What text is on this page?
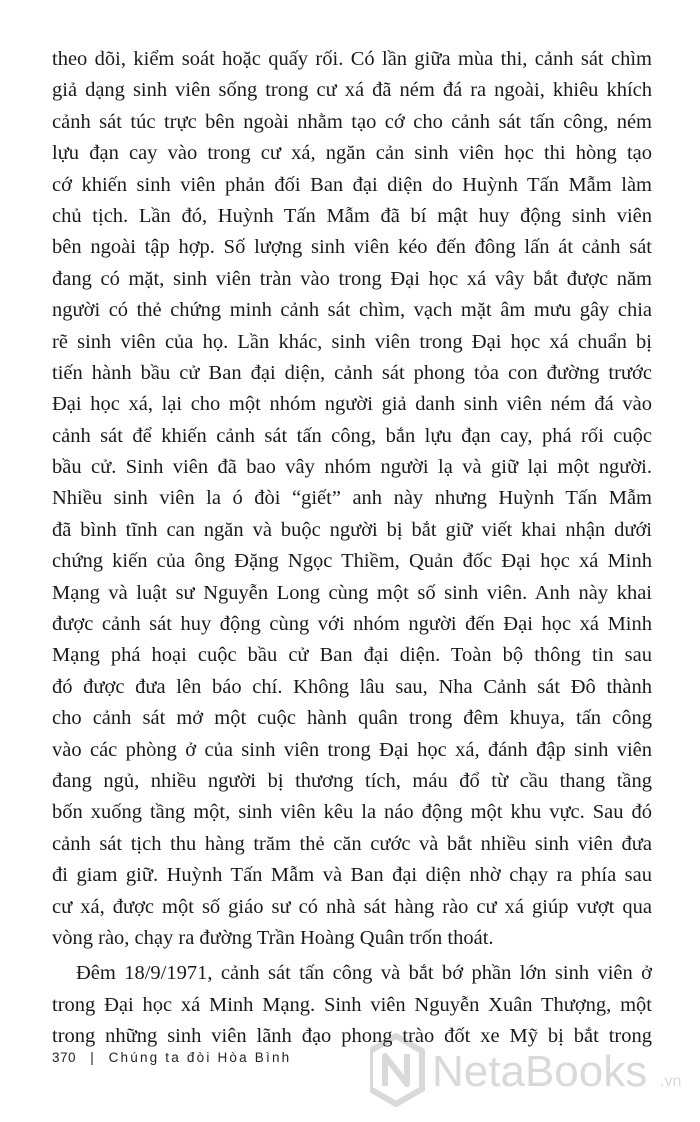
theo dõi, kiểm soát hoặc quấy rối. Có lần giữa mùa thi, cảnh sát chìm
giả dạng sinh viên sống trong cư xá đã ném đá ra ngoài, khiêu khích
cảnh sát túc trực bên ngoài nhằm tạo cớ cho cảnh sát tấn công, ném
lựu đạn cay vào trong cư xá, ngăn cản sinh viên học thi hòng tạo
cớ khiến sinh viên phản đối Ban đại diện do Huỳnh Tấn Mẫm làm
chủ tịch. Lần đó, Huỳnh Tấn Mẫm đã bí mật huy động sinh viên
bên ngoài tập hợp. Số lượng sinh viên kéo đến đông lấn át cảnh sát
đang có mặt, sinh viên tràn vào trong Đại học xá vây bắt được năm
người có thẻ chứng minh cảnh sát chìm, vạch mặt âm mưu gây chia
rẽ sinh viên của họ. Lần khác, sinh viên trong Đại học xá chuẩn bị
tiến hành bầu cử Ban đại diện, cảnh sát phong tỏa con đường trước
Đại học xá, lại cho một nhóm người giả danh sinh viên ném đá vào
cảnh sát để khiến cảnh sát tấn công, bắn lựu đạn cay, phá rối cuộc
bầu cử. Sinh viên đã bao vây nhóm người lạ và giữ lại một người.
Nhiều sinh viên la ó đòi “giết” anh này nhưng Huỳnh Tấn Mẫm
đã bình tĩnh can ngăn và buộc người bị bắt giữ viết khai nhận dưới
chứng kiến của ông Đặng Ngọc Thiềm, Quản đốc Đại học xá Minh
Mạng và luật sư Nguyễn Long cùng một số sinh viên. Anh này khai
được cảnh sát huy động cùng với nhóm người đến Đại học xá Minh
Mạng phá hoại cuộc bầu cử Ban đại diện. Toàn bộ thông tin sau
đó được đưa lên báo chí. Không lâu sau, Nha Cảnh sát Đô thành
cho cảnh sát mở một cuộc hành quân trong đêm khuya, tấn công
vào các phòng ở của sinh viên trong Đại học xá, đánh đập sinh viên
đang ngủ, nhiều người bị thương tích, máu đổ từ cầu thang tầng
bốn xuống tầng một, sinh viên kêu la náo động một khu vực. Sau đó
cảnh sát tịch thu hàng trăm thẻ căn cước và bắt nhiều sinh viên đưa
đi giam giữ. Huỳnh Tấn Mẫm và Ban đại diện nhờ chạy ra phía sau
cư xá, được một số giáo sư có nhà sát hàng rào cư xá giúp vượt qua
vòng rào, chạy ra đường Trần Hoàng Quân trốn thoát.
Đêm 18/9/1971, cảnh sát tấn công và bắt bớ phần lớn sinh viên ở
trong Đại học xá Minh Mạng. Sinh viên Nguyễn Xuân Thượng, một
trong những sinh viên lãnh đạo phong trào đốt xe Mỹ bị bắt trong
370 | Chúng ta đòi Hòa Bình	NetaBooks .vn
